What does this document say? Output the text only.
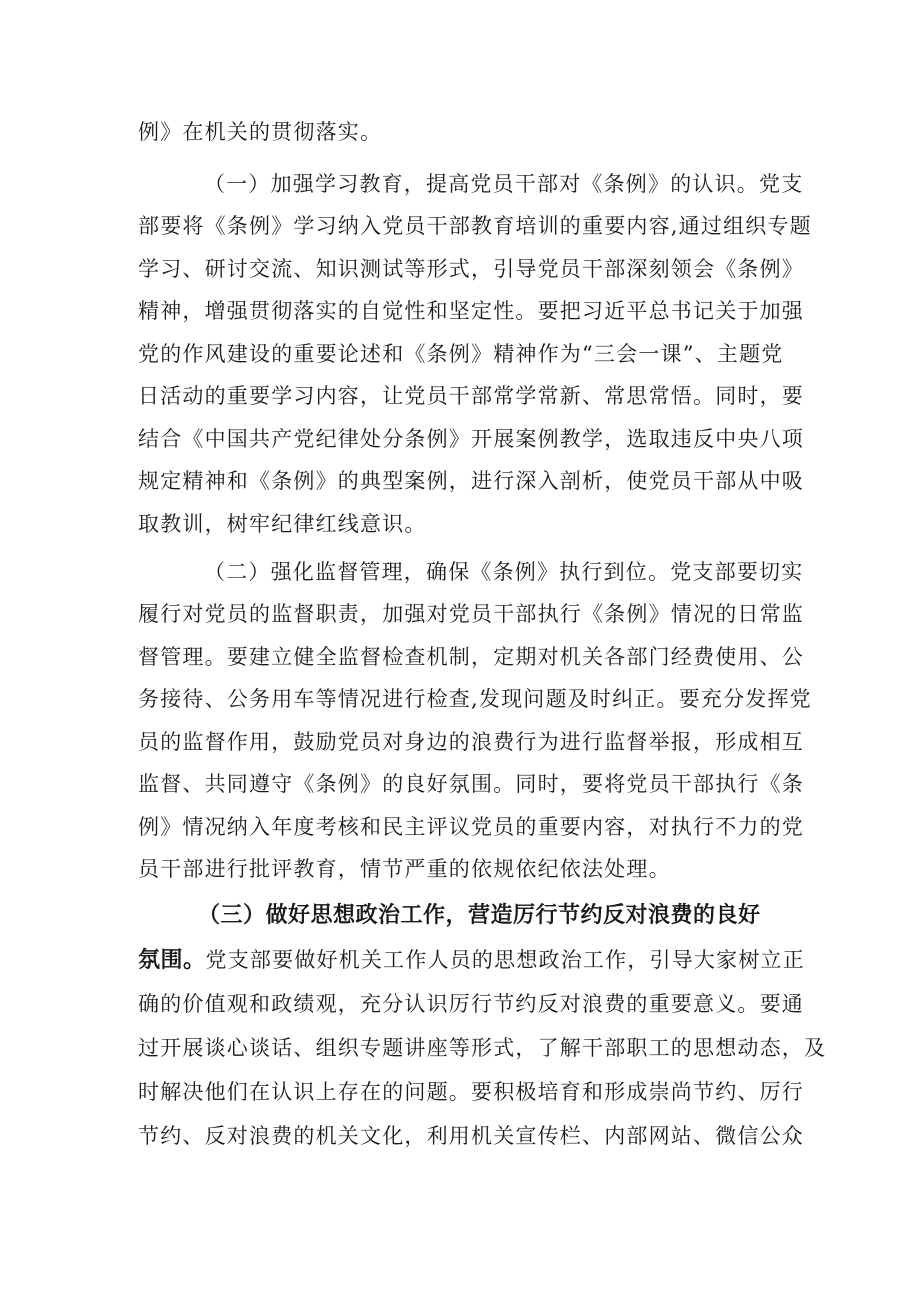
例》在机关的贯彻落实。
（一）加强学习教育，提高党员干部对《条例》的认识。党支
部要将《条例》学习纳入党员干部教育培训的重要内容,通过组织专题
学习、研讨交流、知识测试等形式，引导党员干部深刻领会《条例》
精神，增强贯彻落实的自觉性和坚定性。要把习近平总书记关于加强
党的作风建设的重要论述和《条例》精神作为“三会一课”、主题党
日活动的重要学习内容，让党员干部常学常新、常思常悟。同时，要
结合《中国共产党纪律处分条例》开展案例教学，选取违反中央八项
规定精神和《条例》的典型案例，进行深入剖析，使党员干部从中吸
取教训，树牢纪律红线意识。
（二）强化监督管理，确保《条例》执行到位。党支部要切实
履行对党员的监督职责，加强对党员干部执行《条例》情况的日常监
督管理。要建立健全监督检查机制，定期对机关各部门经费使用、公
务接待、公务用车等情况进行检查,发现问题及时纠正。要充分发挥党
员的监督作用，鼓励党员对身边的浪费行为进行监督举报，形成相互
监督、共同遵守《条例》的良好氛围。同时，要将党员干部执行《条
例》情况纳入年度考核和民主评议党员的重要内容，对执行不力的党
员干部进行批评教育，情节严重的依规依纪依法处理。
（三）做好思想政治工作，营造厉行节约反对浪费的良好
氛围。党支部要做好机关工作人员的思想政治工作，引导大家树立正
确的价值观和政绩观，充分认识厉行节约反对浪费的重要意义。要通
过开展谈心谈话、组织专题讲座等形式，了解干部职工的思想动态，及
时解决他们在认识上存在的问题。要积极培育和形成崇尚节约、厉行
节约、反对浪费的机关文化，利用机关宣传栏、内部网站、微信公众
